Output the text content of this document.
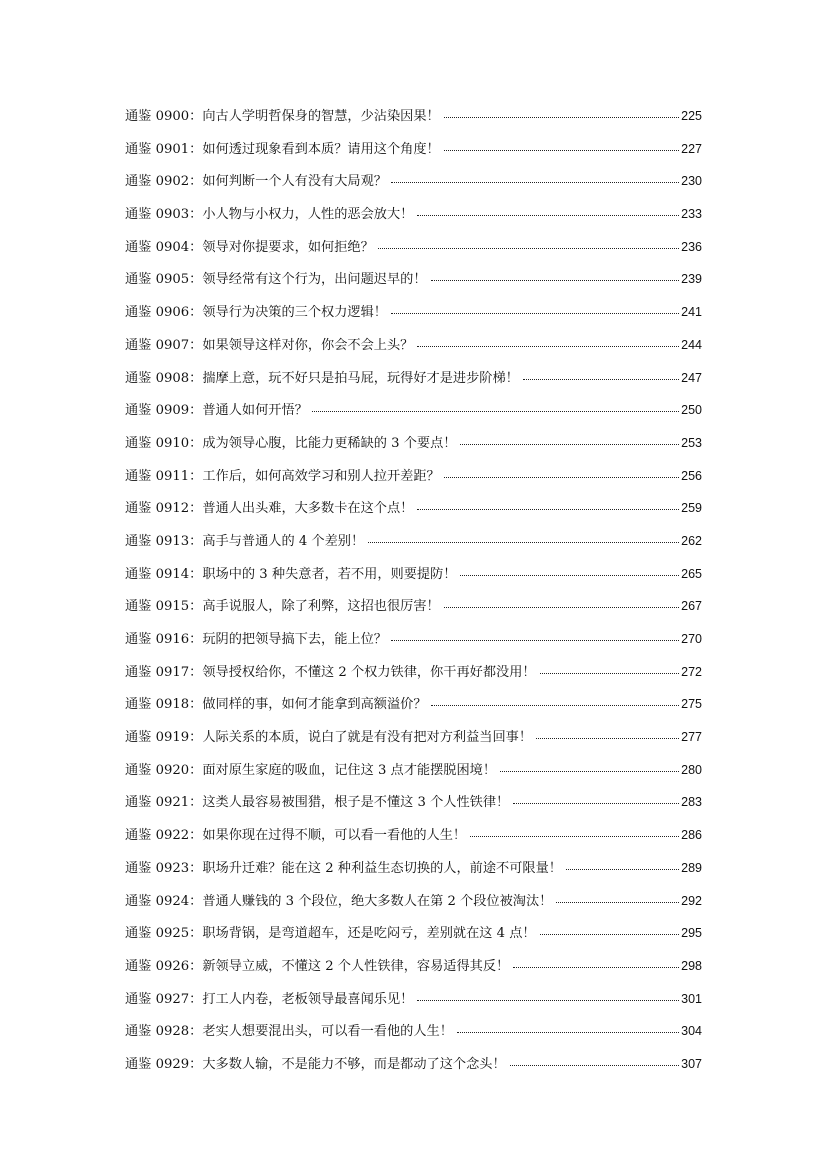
通鉴 0900：向古人学明哲保身的智慧，少沾染因果！	225
通鉴 0901：如何透过现象看到本质？请用这个角度！	227
通鉴 0902：如何判断一个人有没有大局观？	230
通鉴 0903：小人物与小权力，人性的恶会放大！	233
通鉴 0904：领导对你提要求，如何拒绝？	236
通鉴 0905：领导经常有这个行为，出问题迟早的！	239
通鉴 0906：领导行为决策的三个权力逻辑！	241
通鉴 0907：如果领导这样对你，你会不会上头？	244
通鉴 0908：揣摩上意，玩不好只是拍马屁，玩得好才是进步阶梯！	247
通鉴 0909：普通人如何开悟？	250
通鉴 0910：成为领导心腹，比能力更稀缺的 3 个要点！	253
通鉴 0911：工作后，如何高效学习和别人拉开差距？	256
通鉴 0912：普通人出头难，大多数卡在这个点！	259
通鉴 0913：高手与普通人的 4 个差别！	262
通鉴 0914：职场中的 3 种失意者，若不用，则要提防！	265
通鉴 0915：高手说服人，除了利弊，这招也很厉害！	267
通鉴 0916：玩阴的把领导搞下去，能上位？	270
通鉴 0917：领导授权给你，不懂这 2 个权力铁律，你干再好都没用！	272
通鉴 0918：做同样的事，如何才能拿到高额溢价？	275
通鉴 0919：人际关系的本质，说白了就是有没有把对方利益当回事！	277
通鉴 0920：面对原生家庭的吸血，记住这 3 点才能摆脱困境！	280
通鉴 0921：这类人最容易被围猎，根子是不懂这 3 个人性铁律！	283
通鉴 0922：如果你现在过得不顺，可以看一看他的人生！	286
通鉴 0923：职场升迁难？能在这 2 种利益生态切换的人，前途不可限量！	289
通鉴 0924：普通人赚钱的 3 个段位，绝大多数人在第 2 个段位被淘汰！	292
通鉴 0925：职场背锅，是弯道超车，还是吃闷亏，差别就在这 4 点！	295
通鉴 0926：新领导立威，不懂这 2 个人性铁律，容易适得其反！	298
通鉴 0927：打工人内卷，老板领导最喜闻乐见！	301
通鉴 0928：老实人想要混出头，可以看一看他的人生！	304
通鉴 0929：大多数人输，不是能力不够，而是都动了这个念头！	307
